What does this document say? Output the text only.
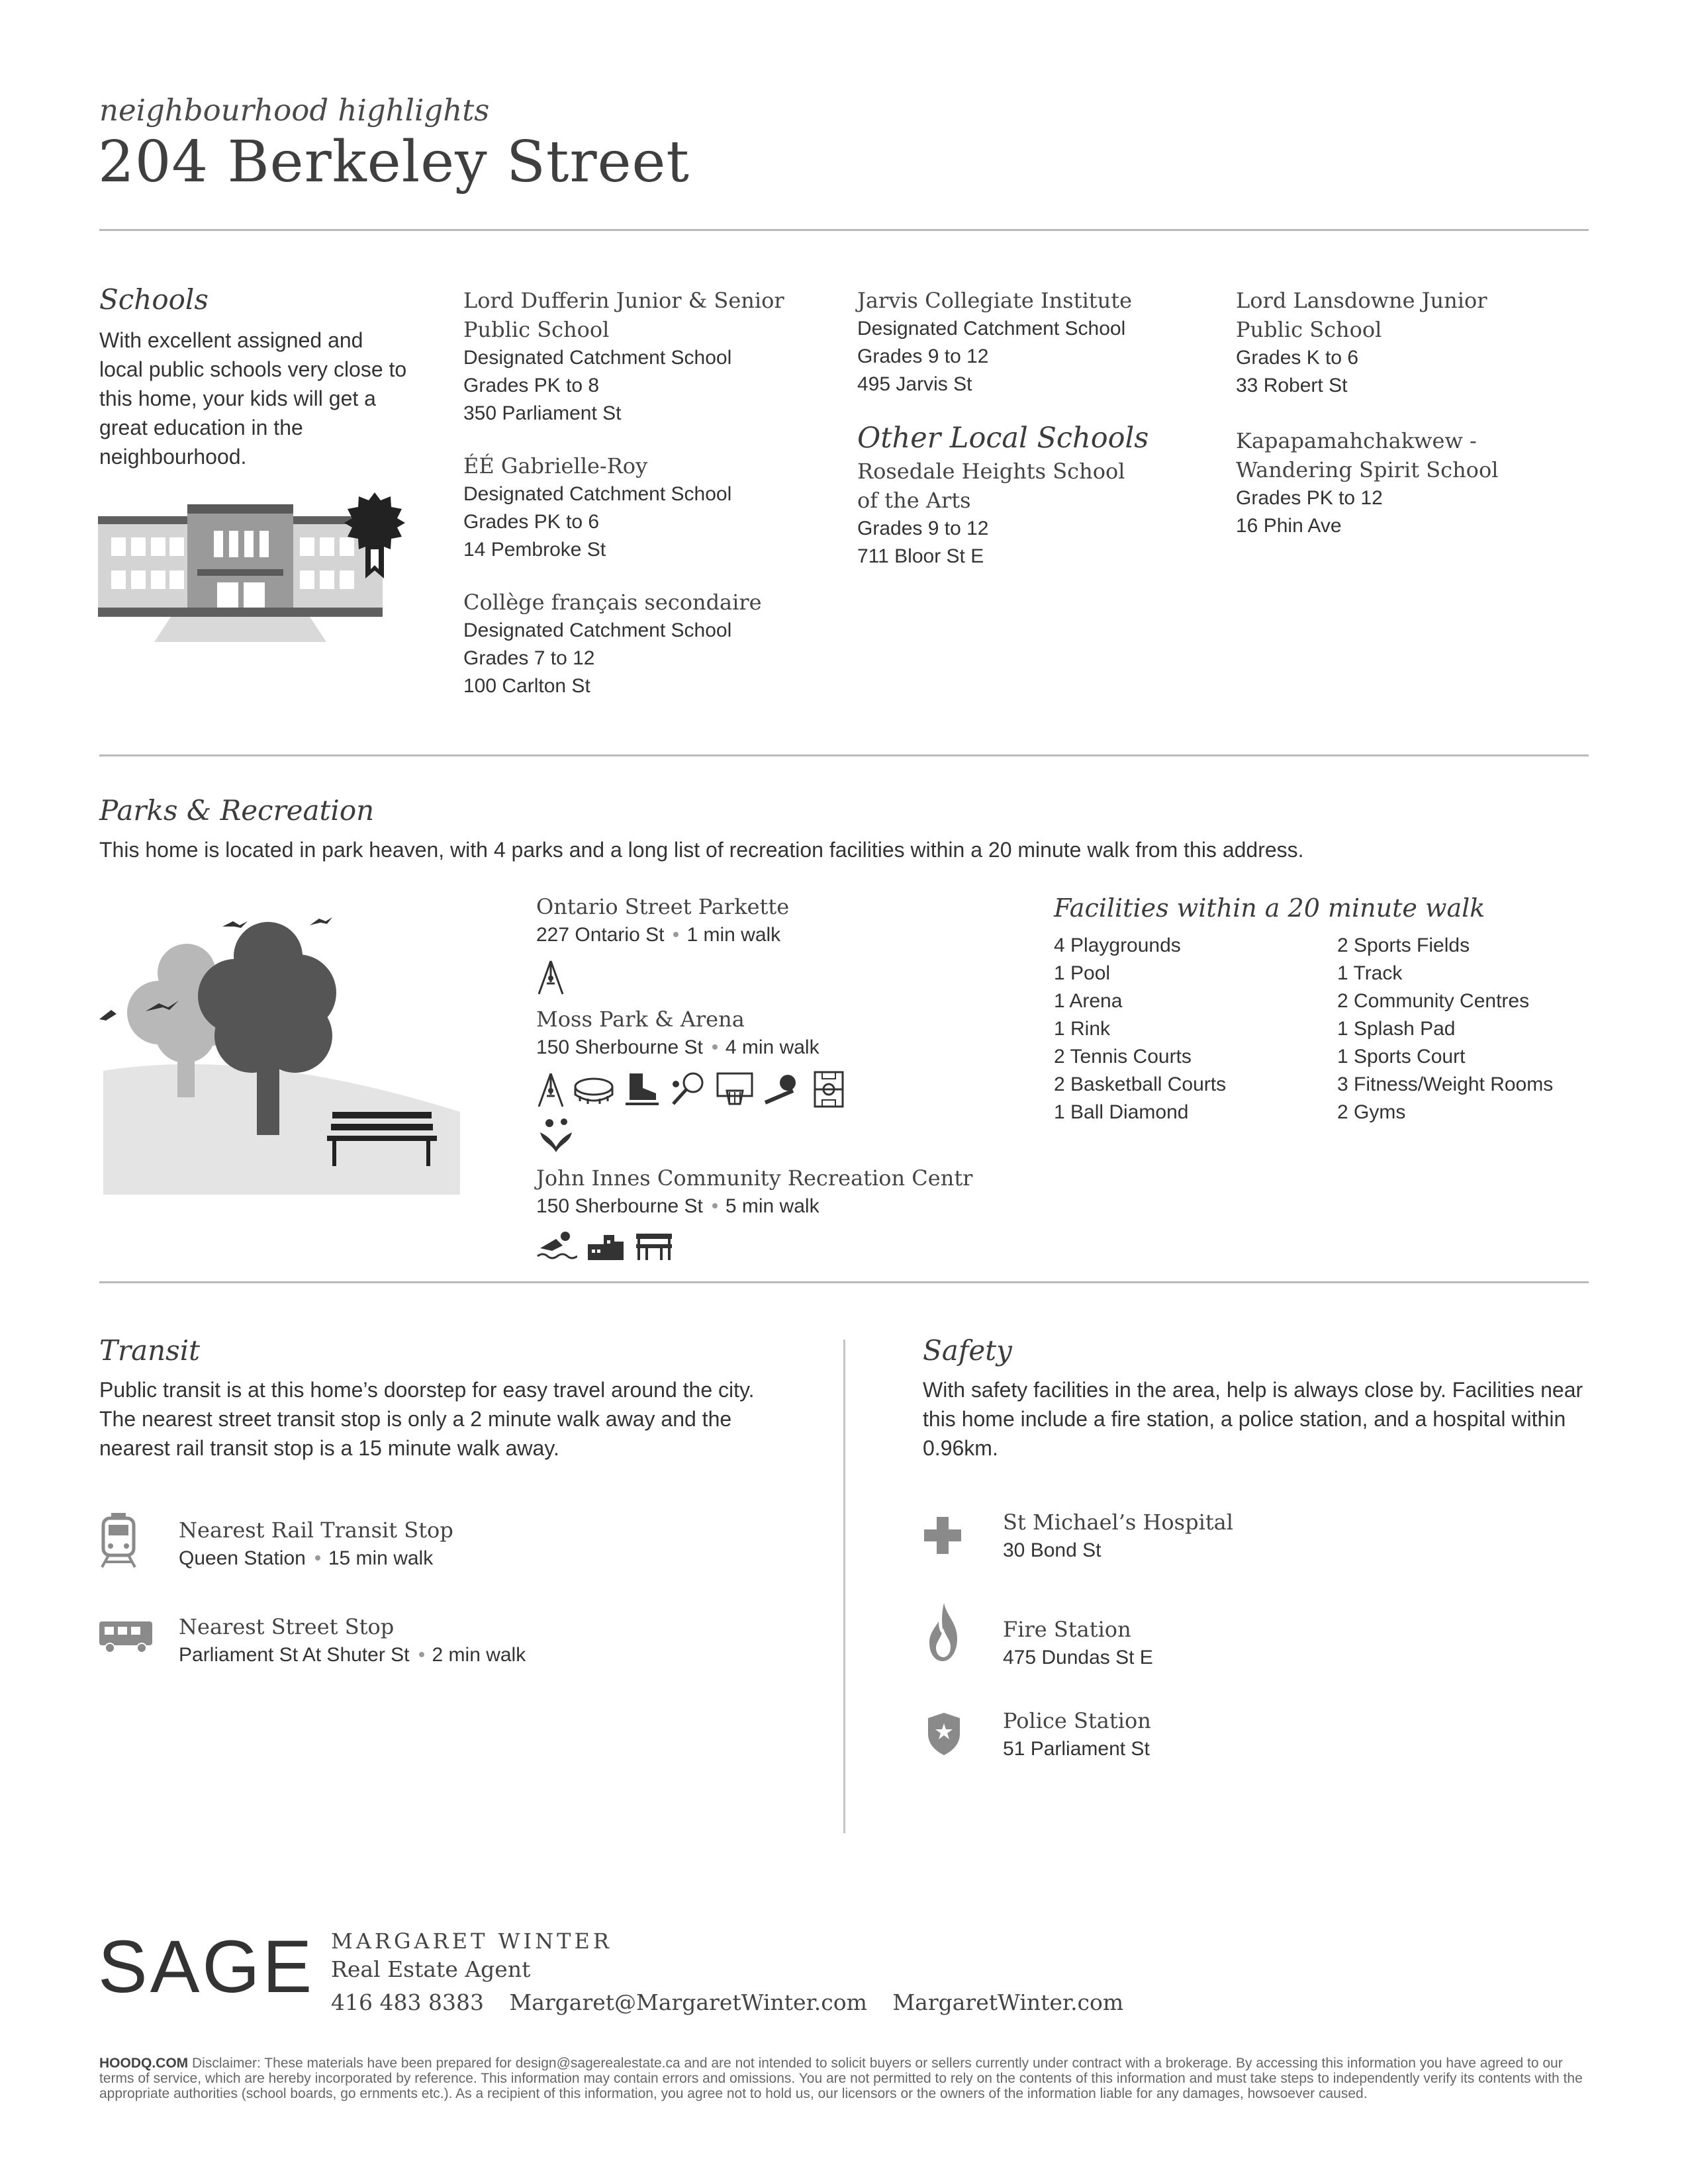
neighbourhood highlights
204 Berkeley Street
Schools
With excellent assigned and local public schools very close to this home, your kids will get a great education in the neighbourhood.
Lord Dufferin Junior & Senior Public School
Designated Catchment School
Grades PK to 8
350 Parliament St
ÉÉ Gabrielle-Roy
Designated Catchment School
Grades PK to 6
14 Pembroke St
Collège français secondaire
Designated Catchment School
Grades 7 to 12
100 Carlton St
Jarvis Collegiate Institute
Designated Catchment School
Grades 9 to 12
495 Jarvis St
Other Local Schools
Rosedale Heights School of the Arts
Grades 9 to 12
711 Bloor St E
Lord Lansdowne Junior Public School
Grades K to 6
33 Robert St
Kapapamahchakwew - Wandering Spirit School
Grades PK to 12
16 Phin Ave
Parks & Recreation
This home is located in park heaven, with 4 parks and a long list of recreation facilities within a 20 minute walk from this address.
Ontario Street Parkette
227 Ontario St 1 min walk
Moss Park & Arena
150 Sherbourne St 4 min walk

John Innes Community Recreation Centr
150 Sherbourne St 5 min walk

Facilities within a 20 minute walk
4 Playgrounds
1 Pool
1 Arena
1 Rink
2 Tennis Courts
2 Basketball Courts
1 Ball Diamond
2 Sports Fields
1 Track
2 Community Centres
1 Splash Pad
1 Sports Court
3 Fitness/Weight Rooms
2 Gyms
Transit
Public transit is at this home’s doorstep for easy travel around the city. The nearest street transit stop is only a 2 minute walk away and the nearest rail transit stop is a 15 minute walk away.
Nearest Rail Transit Stop
Queen Station 15 min walk
Nearest Street Stop
Parliament St At Shuter St 2 min walk
Safety
With safety facilities in the area, help is always close by. Facilities near this home include a fire station, a police station, and a hospital within 0.96km.
St Michael’s Hospital
30 Bond St
Fire Station
475 Dundas St E
Police Station
51 Parliament St
SAGE MARGARET WINTER
Real Estate Agent
416 483 8383 Margaret@MargaretWinter.com MargaretWinter.com
HOODQ.COM Disclaimer: These materials have been prepared for design@sagerealestate.ca and are not intended to solicit buyers or sellers currently under contract with a brokerage. By accessing this information you have agreed to our terms of service, which are hereby incorporated by reference. This information may contain errors and omissions. You are not permitted to rely on the contents of this information and must take steps to independently verify its contents with the appropriate authorities (school boards, go ernments etc.). As a recipient of this information, you agree not to hold us, our licensors or the owners of the information liable for any damages, howsoever caused.
